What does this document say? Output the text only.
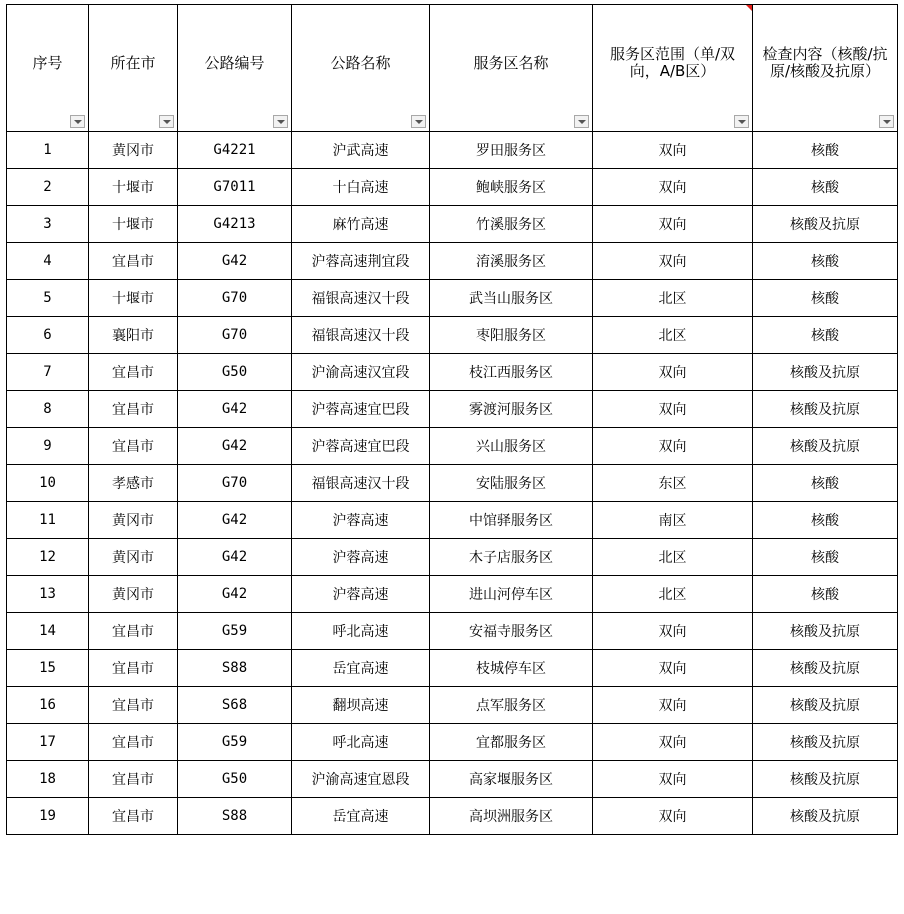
序号	所在市	公路编号	公路名称	服务区名称	服务区范围（单/双向，A/B区）	检查内容（核酸/抗原/核酸及抗原）

1	黄冈市	G4221	沪武高速	罗田服务区	双向	核酸
2	十堰市	G7011	十白高速	鲍峡服务区	双向	核酸
3	十堰市	G4213	麻竹高速	竹溪服务区	双向	核酸及抗原
4	宜昌市	G42	沪蓉高速荆宜段	淯溪服务区	双向	核酸
5	十堰市	G70	福银高速汉十段	武当山服务区	北区	核酸
6	襄阳市	G70	福银高速汉十段	枣阳服务区	北区	核酸
7	宜昌市	G50	沪渝高速汉宜段	枝江西服务区	双向	核酸及抗原
8	宜昌市	G42	沪蓉高速宜巴段	雾渡河服务区	双向	核酸及抗原
9	宜昌市	G42	沪蓉高速宜巴段	兴山服务区	双向	核酸及抗原
10	孝感市	G70	福银高速汉十段	安陆服务区	东区	核酸
11	黄冈市	G42	沪蓉高速	中馆驿服务区	南区	核酸
12	黄冈市	G42	沪蓉高速	木子店服务区	北区	核酸
13	黄冈市	G42	沪蓉高速	进山河停车区	北区	核酸
14	宜昌市	G59	呼北高速	安福寺服务区	双向	核酸及抗原
15	宜昌市	S88	岳宜高速	枝城停车区	双向	核酸及抗原
16	宜昌市	S68	翻坝高速	点军服务区	双向	核酸及抗原
17	宜昌市	G59	呼北高速	宜都服务区	双向	核酸及抗原
18	宜昌市	G50	沪渝高速宜恩段	高家堰服务区	双向	核酸及抗原
19	宜昌市	S88	岳宜高速	高坝洲服务区	双向	核酸及抗原
